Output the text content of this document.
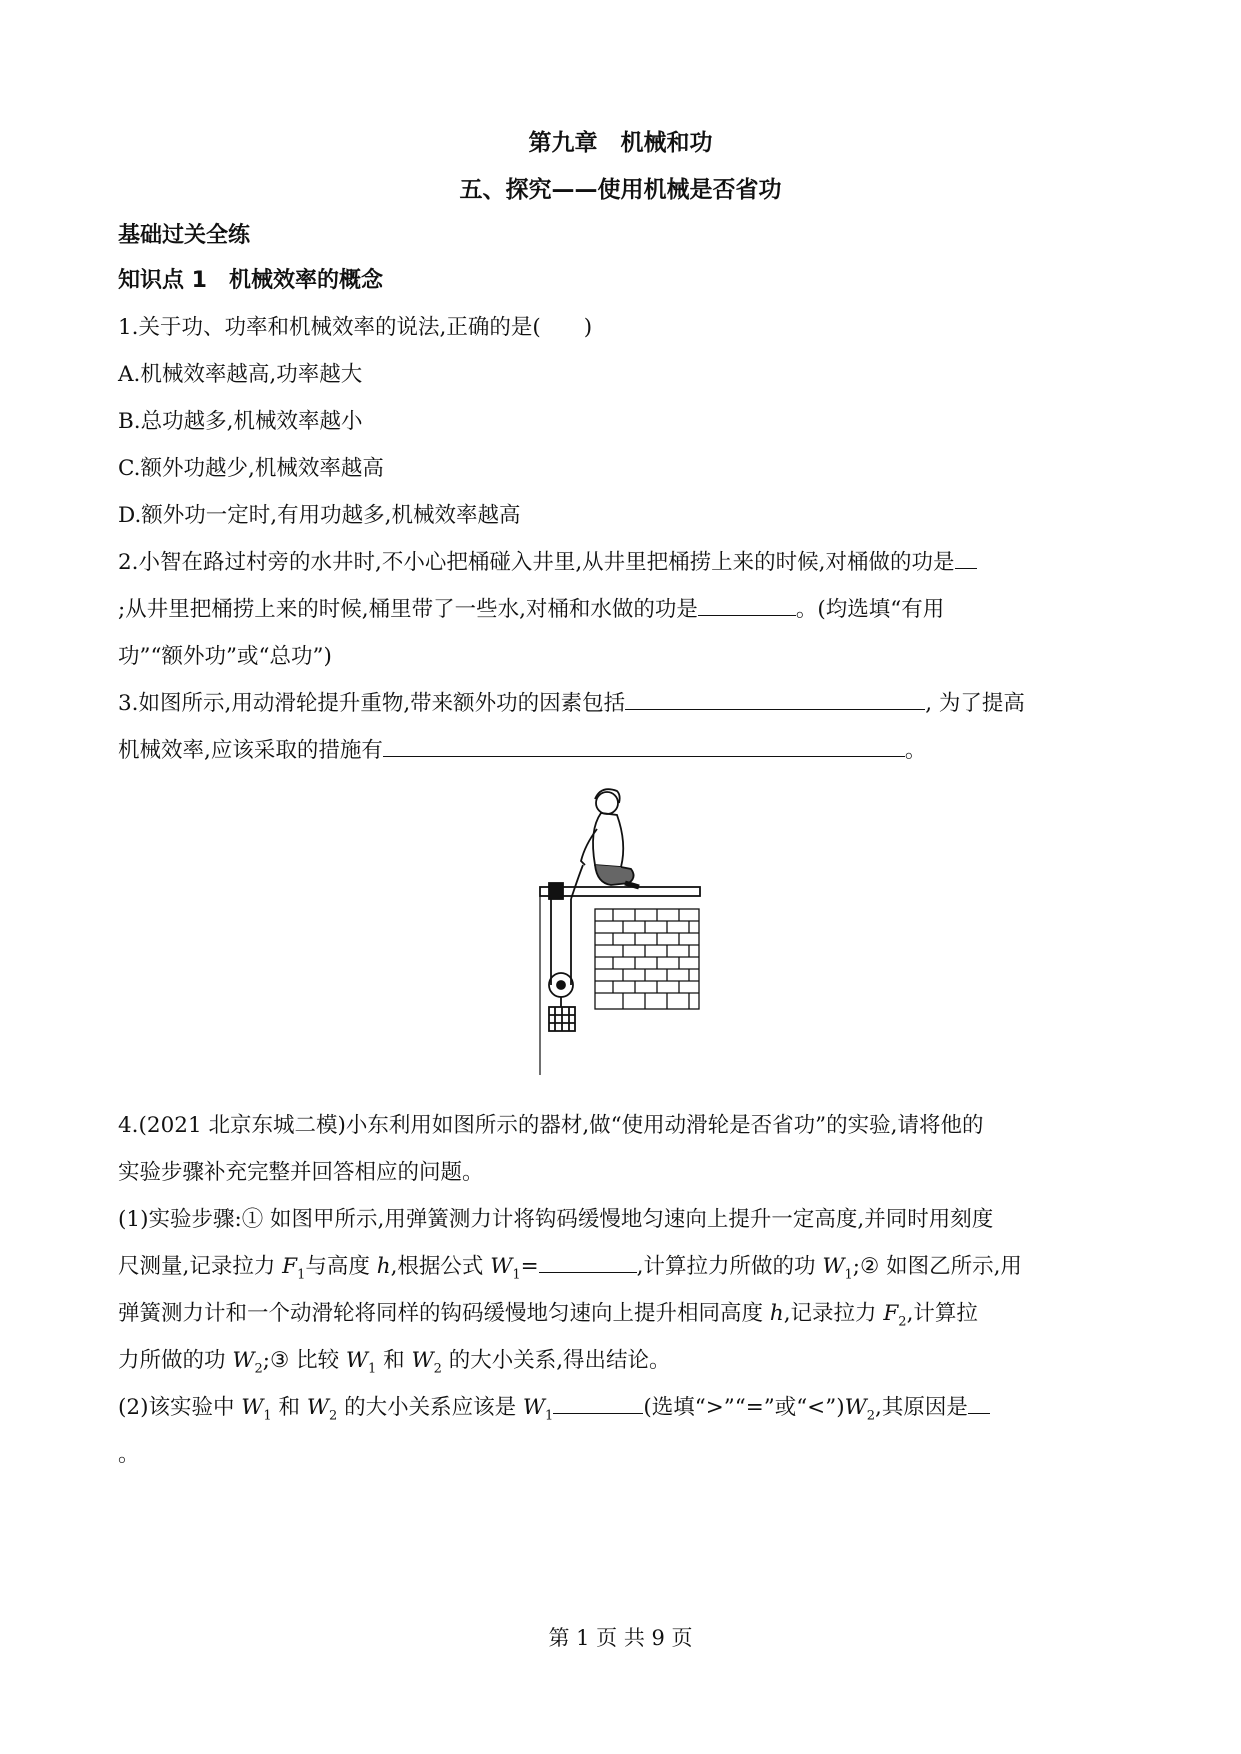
第九章　机械和功
五、探究——使用机械是否省功
基础过关全练
知识点 1　机械效率的概念
1.关于功、功率和机械效率的说法,正确的是(　　)
A.机械效率越高,功率越大
B.总功越多,机械效率越小
C.额外功越少,机械效率越高
D.额外功一定时,有用功越多,机械效率越高
2.小智在路过村旁的水井时,不小心把桶碰入井里,从井里把桶捞上来的时候,对桶做的功是
;从井里把桶捞上来的时候,桶里带了一些水,对桶和水做的功是	。(均选填“有用
功”“额外功”或“总功”)
3.如图所示,用动滑轮提升重物,带来额外功的因素包括	, 为了提高
机械效率,应该采取的措施有	。
4.(2021 北京东城二模)小东利用如图所示的器材,做“使用动滑轮是否省功”的实验,请将他的
实验步骤补充完整并回答相应的问题。
(1)实验步骤:① 如图甲所示,用弹簧测力计将钩码缓慢地匀速向上提升一定高度,并同时用刻度
尺测量,记录拉力 $F_1$与高度 h,根据公式 $W_1=$	,计算拉力所做的功 $W_1;②$ 如图乙所示,用
弹簧测力计和一个动滑轮将同样的钩码缓慢地匀速向上提升相同高度 h,记录拉力 $F_2$,计算拉
力所做的功 $W_2;③$ 比较 $W_1$ 和 $W_2$ 的大小关系,得出结论。
(2)该实验中 $W_1$ 和 $W_2$ 的大小关系应该是 $W_1$	(选填“>”“=”或“$<”)W_2$,其原因是
。
第 1 页 共 9 页
